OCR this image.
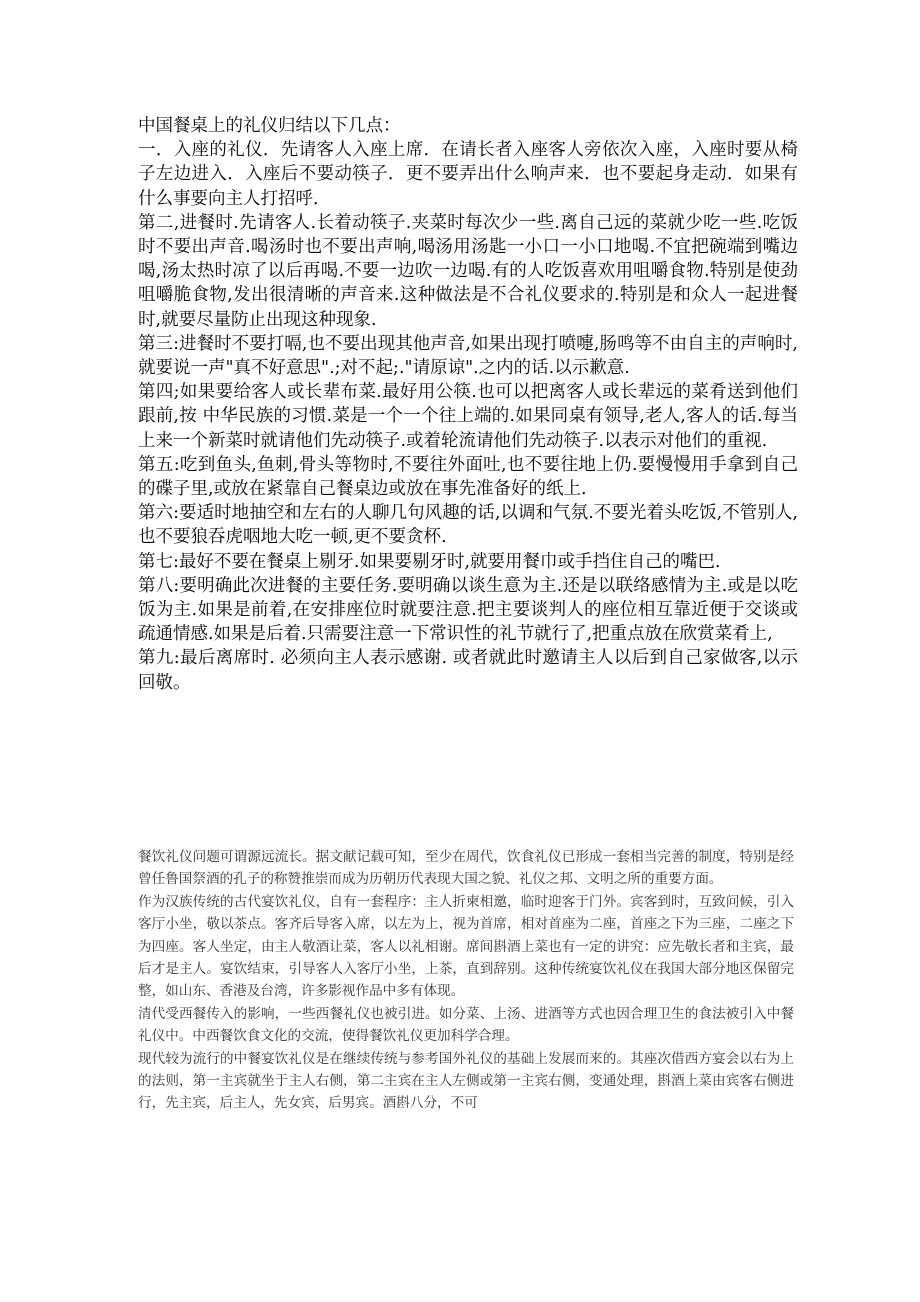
中国餐桌上的礼仪归结以下几点：

一．入座的礼仪．先请客人入座上席．在请长者入座客人旁依次入座，入座时要从椅子左边进入．入座后不要动筷子．更不要弄出什么响声来．也不要起身走动．如果有什么事要向主人打招呼．

第二,进餐时.先请客人.长着动筷子.夹菜时每次少一些.离自己远的菜就少吃一些.吃饭时不要出声音.喝汤时也不要出声响,喝汤用汤匙一小口一小口地喝.不宜把碗端到嘴边喝,汤太热时凉了以后再喝.不要一边吹一边喝.有的人吃饭喜欢用咀嚼食物.特别是使劲咀嚼脆食物,发出很清晰的声音来.这种做法是不合礼仪要求的.特别是和众人一起进餐时,就要尽量防止出现这种现象.

第三:进餐时不要打嗝,也不要出现其他声音,如果出现打喷嚏,肠鸣等不由自主的声响时,就要说一声"真不好意思".;对不起;."请原谅".之内的话.以示歉意.

第四;如果要给客人或长辈布菜.最好用公筷.也可以把离客人或长辈远的菜肴送到他们跟前,按 中华民族的习惯.菜是一个一个往上端的.如果同桌有领导,老人,客人的话.每当上来一个新菜时就请他们先动筷子.或着轮流请他们先动筷子.以表示对他们的重视.

第五:吃到鱼头,鱼刺,骨头等物时,不要往外面吐,也不要往地上仍.要慢慢用手拿到自己的碟子里,或放在紧靠自己餐桌边或放在事先准备好的纸上.

第六:要适时地抽空和左右的人聊几句风趣的话,以调和气氛.不要光着头吃饭,不管别人,也不要狼吞虎咽地大吃一顿,更不要贪杯.

第七:最好不要在餐桌上剔牙.如果要剔牙时,就要用餐巾或手挡住自己的嘴巴.

第八:要明确此次进餐的主要任务.要明确以谈生意为主.还是以联络感情为主.或是以吃饭为主.如果是前着,在安排座位时就要注意.把主要谈判人的座位相互靠近便于交谈或疏通情感.如果是后着.只需要注意一下常识性的礼节就行了,把重点放在欣赏菜肴上,

第九:最后离席时. 必须向主人表示感谢. 或者就此时邀请主人以后到自己家做客,以示回敬。

餐饮礼仪问题可谓源远流长。据文献记载可知，至少在周代，饮食礼仪已形成一套相当完善的制度，特别是经曾任鲁国祭酒的孔子的称赞推崇而成为历朝历代表现大国之貌、礼仪之邦、文明之所的重要方面。

作为汉族传统的古代宴饮礼仪，自有一套程序：主人折柬相邀，临时迎客于门外。宾客到时，互致问候，引入客厅小坐，敬以茶点。客齐后导客入席，以左为上，视为首席，相对首座为二座，首座之下为三座，二座之下为四座。客人坐定，由主人敬酒让菜，客人以礼相谢。席间斟酒上菜也有一定的讲究：应先敬长者和主宾，最后才是主人。宴饮结束，引导客人入客厅小坐，上茶，直到辞别。这种传统宴饮礼仪在我国大部分地区保留完整，如山东、香港及台湾，许多影视作品中多有体现。

清代受西餐传入的影响，一些西餐礼仪也被引进。如分菜、上汤、进酒等方式也因合理卫生的食法被引入中餐礼仪中。中西餐饮食文化的交流，使得餐饮礼仪更加科学合理。

现代较为流行的中餐宴饮礼仪是在继续传统与参考国外礼仪的基础上发展而来的。其座次借西方宴会以右为上的法则，第一主宾就坐于主人右侧，第二主宾在主人左侧或第一主宾右侧，变通处理，斟酒上菜由宾客右侧进行，先主宾，后主人，先女宾，后男宾。酒斟八分，不可
